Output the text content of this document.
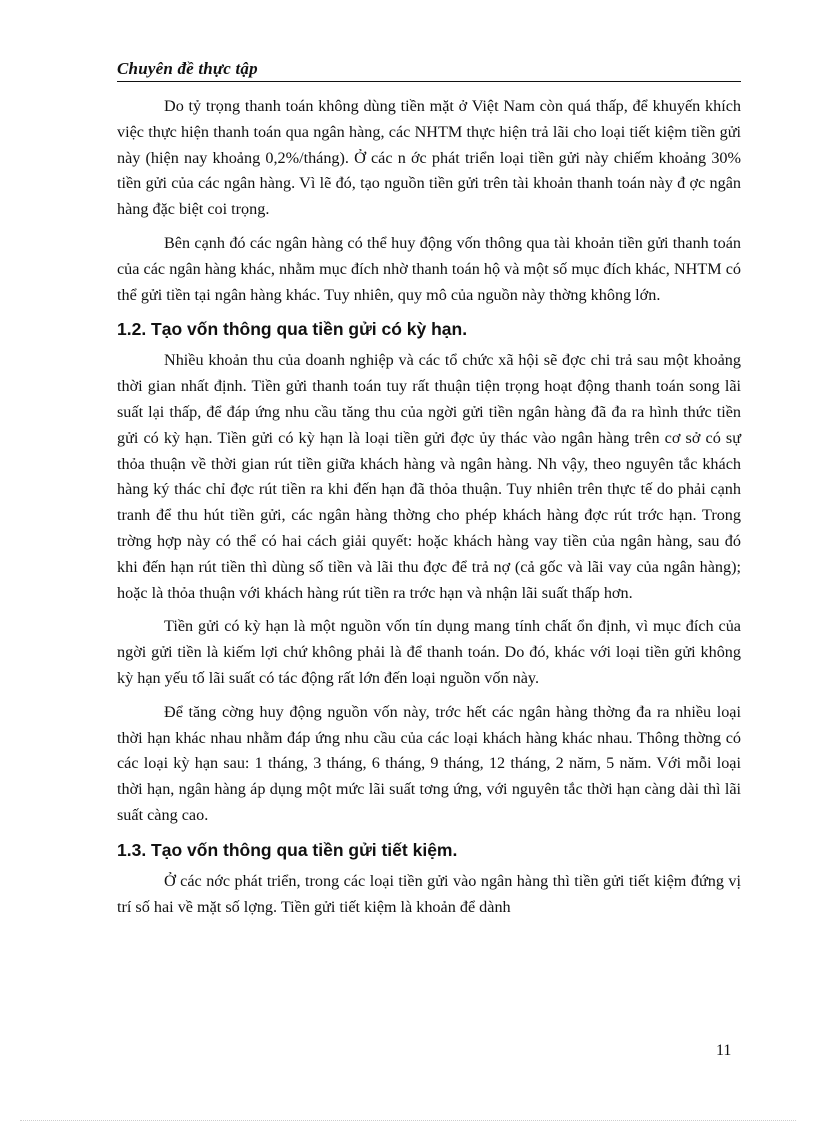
Chuyên đề thực tập

Do tỷ trọng thanh toán không dùng tiền mặt ở Việt Nam còn quá thấp, để khuyến khích việc thực hiện thanh toán qua ngân hàng, các NHTM thực hiện trả lãi cho loại tiết kiệm tiền gửi này (hiện nay khoảng 0,2%/tháng). Ở các n ớc phát triển loại tiền gửi này chiếm khoảng 30% tiền gửi của các ngân hàng. Vì lẽ đó, tạo nguồn tiền gửi trên tài khoản thanh toán này đ ợc ngân hàng đặc biệt coi trọng.

Bên cạnh đó các ngân hàng có thể huy động vốn thông qua tài khoản tiền gửi thanh toán của các ngân hàng khác, nhằm mục đích nhờ thanh toán hộ và một số mục đích khác, NHTM có thể gửi tiền tại ngân hàng khác. Tuy nhiên, quy mô của nguồn này thờng không lớn.

1.2. Tạo vốn thông qua tiền gửi có kỳ hạn.

Nhiều khoản thu của doanh nghiệp và các tổ chức xã hội sẽ đợc chi trả sau một khoảng thời gian nhất định. Tiền gửi thanh toán tuy rất thuận tiện trọng hoạt động thanh toán song lãi suất lại thấp, để đáp ứng nhu cầu tăng thu của ngời gửi tiền ngân hàng đã đa ra hình thức tiền gửi có kỳ hạn. Tiền gửi có kỳ hạn là loại tiền gửi đợc ủy thác vào ngân hàng trên cơ sở có sự thỏa thuận về thời gian rút tiền giữa khách hàng và ngân hàng. Nh vậy, theo nguyên tắc khách hàng ký thác chỉ đợc rút tiền ra khi đến hạn đã thỏa thuận. Tuy nhiên trên thực tế do phải cạnh tranh để thu hút tiền gửi, các ngân hàng thờng cho phép khách hàng đợc rút trớc hạn. Trong trờng hợp này có thể có hai cách giải quyết: hoặc khách hàng vay tiền của ngân hàng, sau đó khi đến hạn rút tiền thì dùng số tiền và lãi thu đợc để trả nợ (cả gốc và lãi vay của ngân hàng); hoặc là thỏa thuận với khách hàng rút tiền ra trớc hạn và nhận lãi suất thấp hơn.

Tiền gửi có kỳ hạn là một nguồn vốn tín dụng mang tính chất ổn định, vì mục đích của ngời gửi tiền là kiếm lợi chứ không phải là để thanh toán. Do đó, khác với loại tiền gửi không kỳ hạn yếu tố lãi suất có tác động rất lớn đến loại nguồn vốn này.

Để tăng cờng huy động nguồn vốn này, trớc hết các ngân hàng thờng đa ra nhiều loại thời hạn khác nhau nhằm đáp ứng nhu cầu của các loại khách hàng khác nhau. Thông thờng có các loại kỳ hạn sau: 1 tháng, 3 tháng, 6 tháng, 9 tháng, 12 tháng, 2 năm, 5 năm. Với mỗi loại thời hạn, ngân hàng áp dụng một mức lãi suất tơng ứng, với nguyên tắc thời hạn càng dài thì lãi suất càng cao.

1.3. Tạo vốn thông qua tiền gửi tiết kiệm.

Ở các nớc phát triển, trong các loại tiền gửi vào ngân hàng thì tiền gửi tiết kiệm đứng vị trí số hai về mặt số lợng. Tiền gửi tiết kiệm là khoản để dành

11
